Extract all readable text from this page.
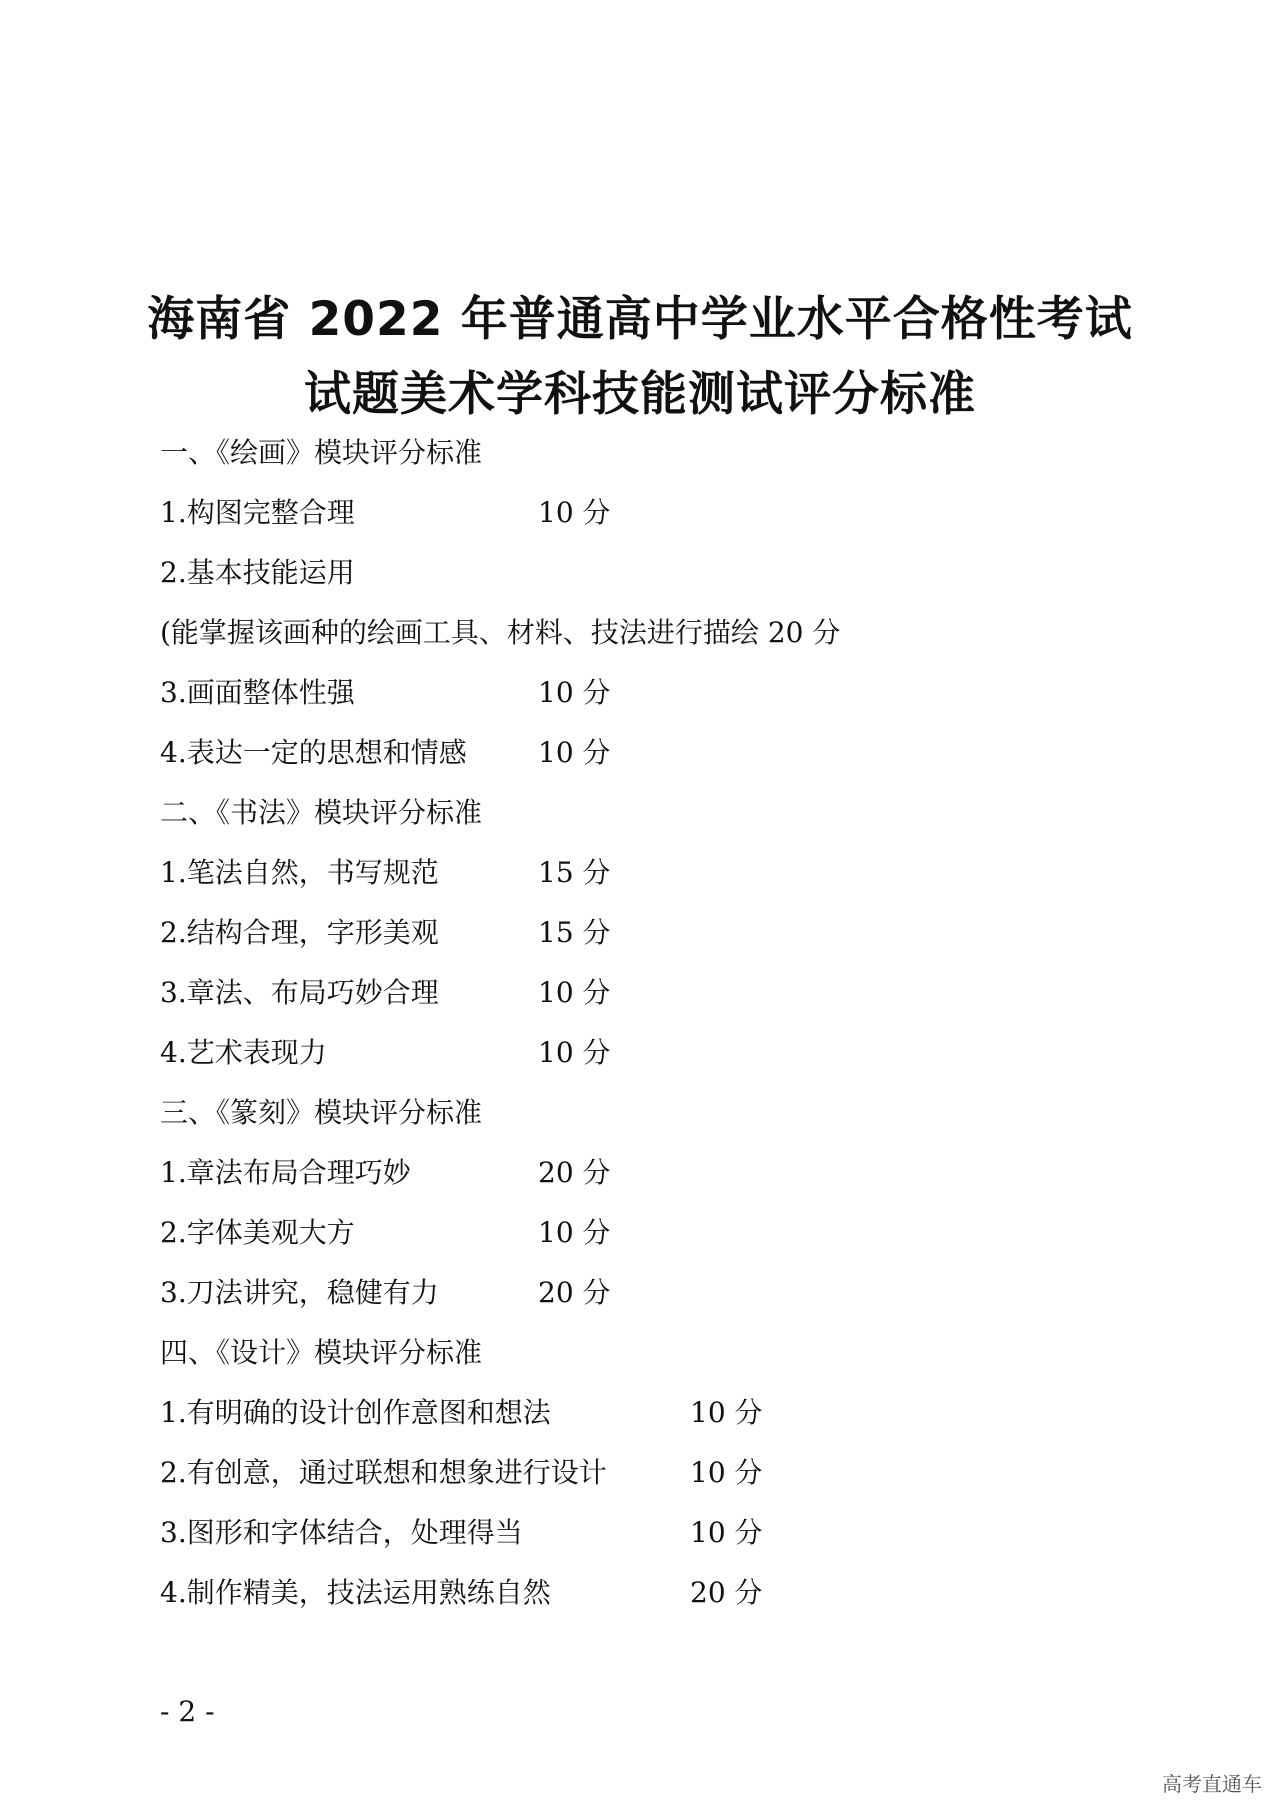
海南省 2022 年普通高中学业水平合格性考试
试题美术学科技能测试评分标准
一、《绘画》模块评分标准
1.构图完整合理	10 分
2.基本技能运用
(能掌握该画种的绘画工具、材料、技法进行描绘 20 分
3.画面整体性强	10 分
4.表达一定的思想和情感	10 分
二、《书法》模块评分标准
1.笔法自然，书写规范	15 分
2.结构合理，字形美观	15 分
3.章法、布局巧妙合理	10 分
4.艺术表现力	10 分
三、《篆刻》模块评分标准
1.章法布局合理巧妙	20 分
2.字体美观大方	10 分
3.刀法讲究，稳健有力	20 分
四、《设计》模块评分标准
1.有明确的设计创作意图和想法	10 分
2.有创意，通过联想和想象进行设计	10 分
3.图形和字体结合，处理得当	10 分
4.制作精美，技法运用熟练自然	20 分
- 2 -
高考直通车
